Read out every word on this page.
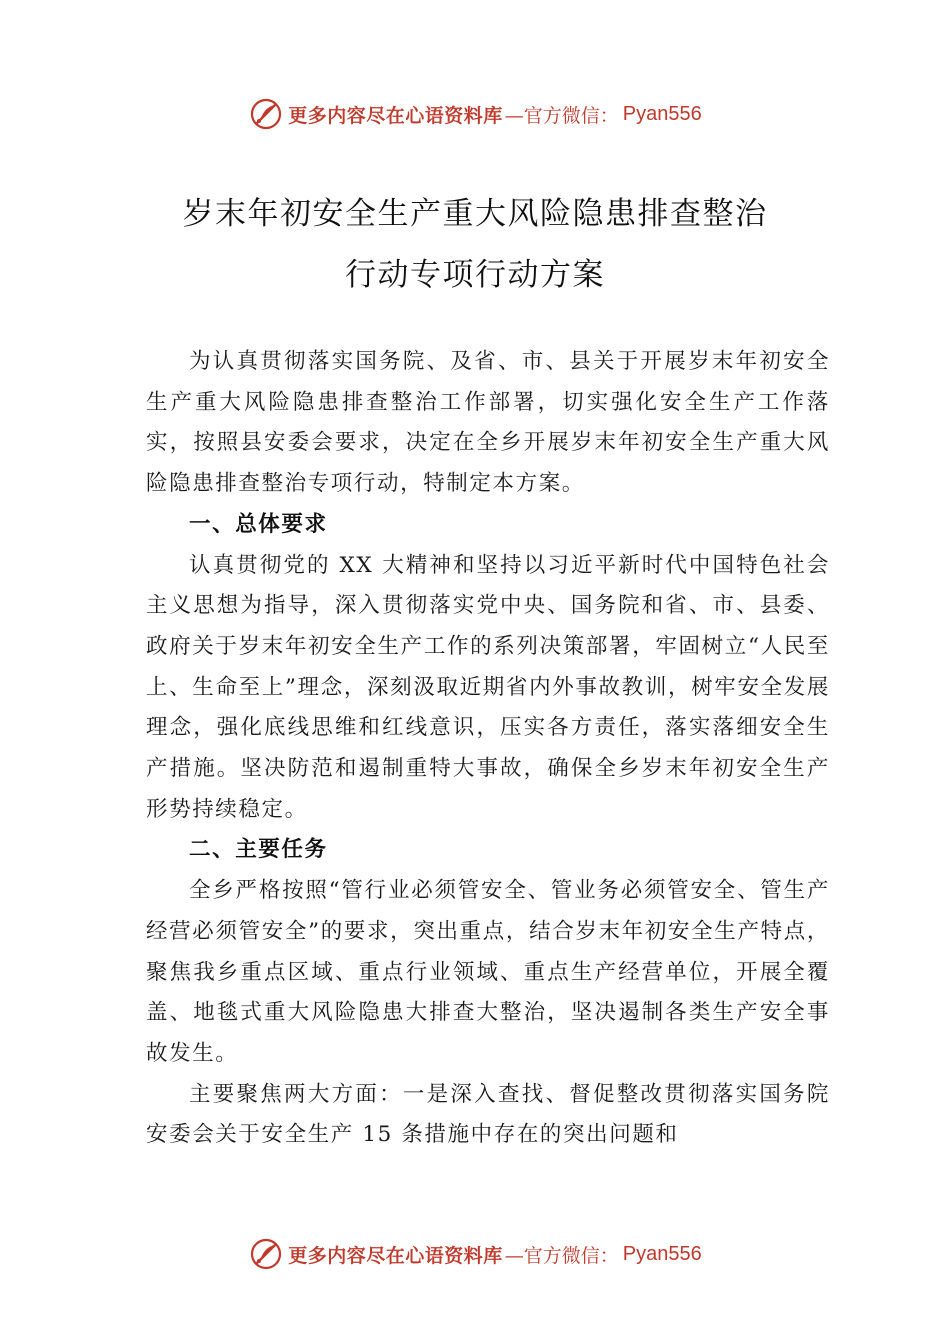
更多内容尽在心语资料库 —官方微信： Pyan556
岁末年初安全生产重大风险隐患排查整治
行动专项行动方案

为认真贯彻落实国务院、及省、市、县关于开展岁末年初安全生产重大风险隐患排查整治工作部署，切实强化安全生产工作落实，按照县安委会要求，决定在全乡开展岁末年初安全生产重大风险隐患排查整治专项行动，特制定本方案。

一、总体要求

认真贯彻党的 XX 大精神和坚持以习近平新时代中国特色社会主义思想为指导，深入贯彻落实党中央、国务院和省、市、县委、政府关于岁末年初安全生产工作的系列决策部署，牢固树立“人民至上、生命至上”理念，深刻汲取近期省内外事故教训，树牢安全发展理念，强化底线思维和红线意识，压实各方责任，落实落细安全生产措施。坚决防范和遏制重特大事故，确保全乡岁末年初安全生产形势持续稳定。

二、主要任务

全乡严格按照“管行业必须管安全、管业务必须管安全、管生产经营必须管安全”的要求，突出重点，结合岁末年初安全生产特点，聚焦我乡重点区域、重点行业领域、重点生产经营单位，开展全覆盖、地毯式重大风险隐患大排查大整治，坚决遏制各类生产安全事故发生。

主要聚焦两大方面：一是深入查找、督促整改贯彻落实国务院安委会关于安全生产 15 条措施中存在的突出问题和

更多内容尽在心语资料库 —官方微信： Pyan556
